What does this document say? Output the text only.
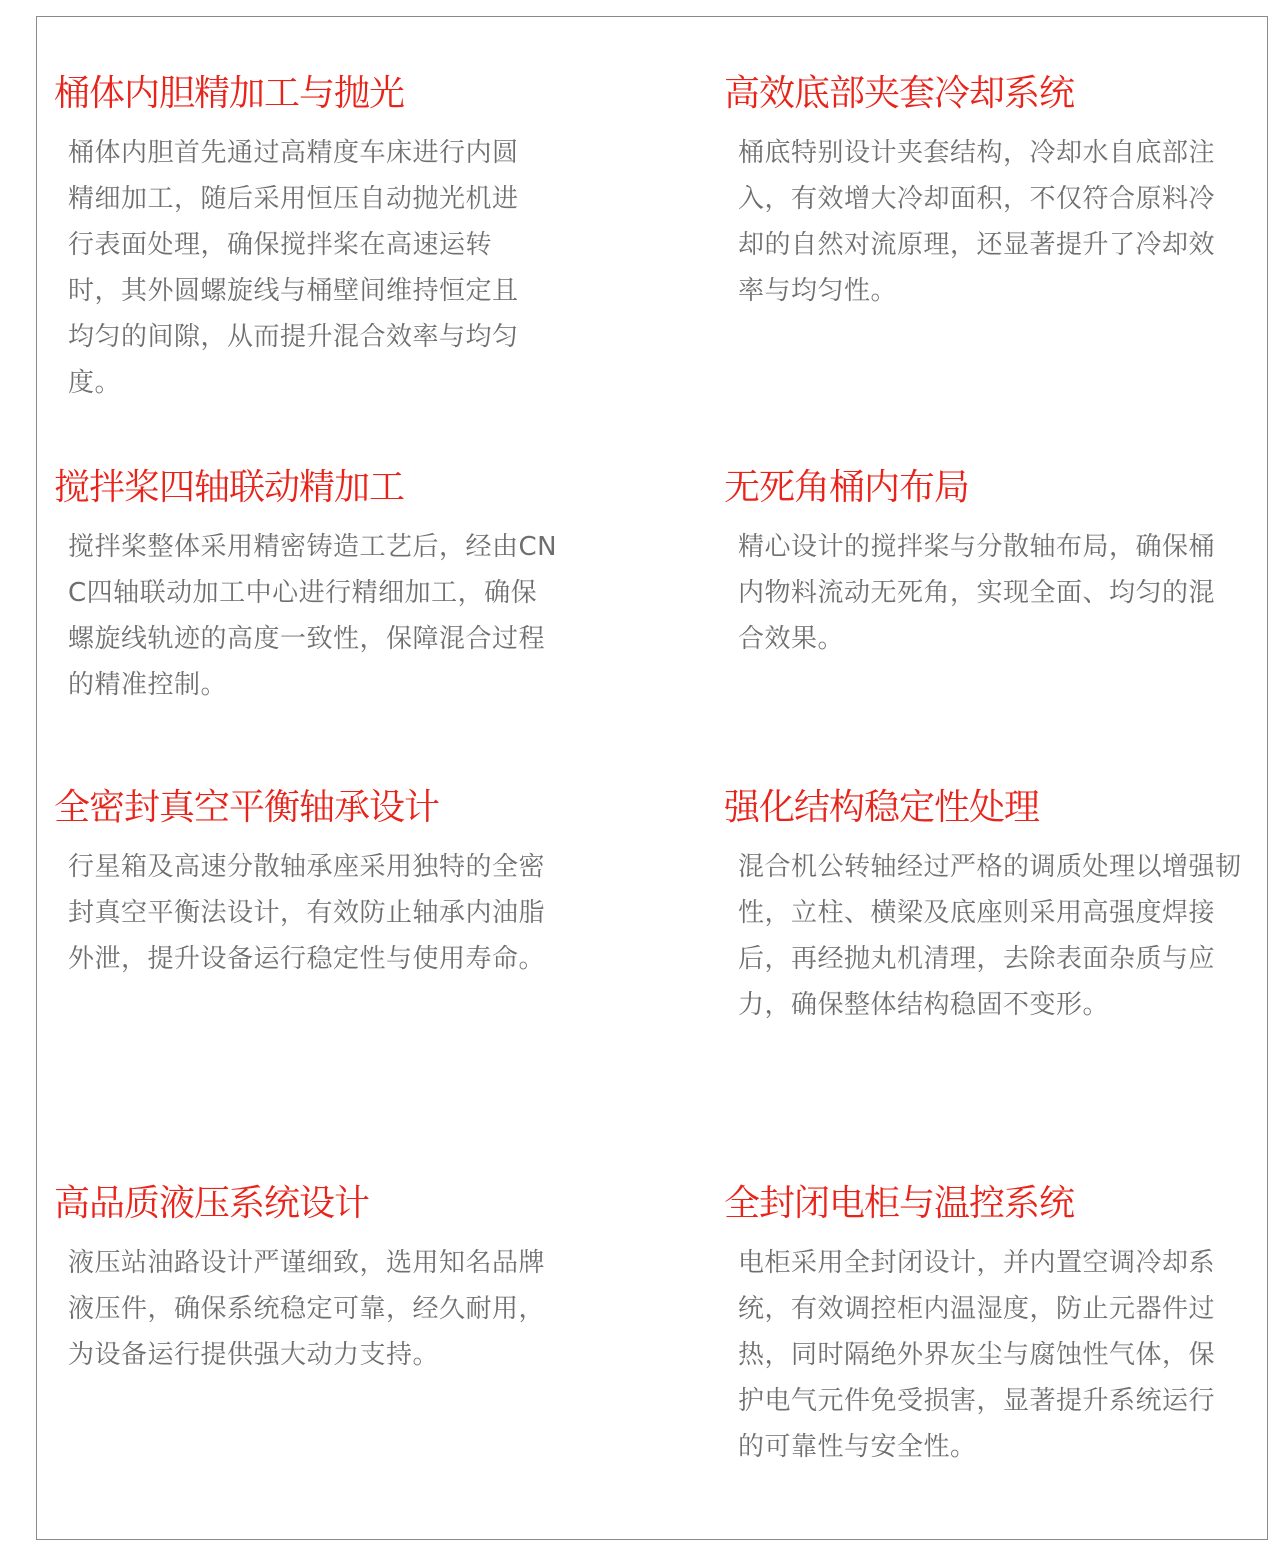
桶体内胆精加工与抛光

桶体内胆首先通过高精度车床进行内圆精细加工，随后采用恒压自动抛光机进行表面处理，确保搅拌桨在高速运转时，其外圆螺旋线与桶壁间维持恒定且均匀的间隙，从而提升混合效率与均匀度。

高效底部夹套冷却系统

桶底特别设计夹套结构，冷却水自底部注入，有效增大冷却面积，不仅符合原料冷却的自然对流原理，还显著提升了冷却效率与均匀性。

搅拌桨四轴联动精加工

搅拌桨整体采用精密铸造工艺后，经由CNC四轴联动加工中心进行精细加工，确保螺旋线轨迹的高度一致性，保障混合过程的精准控制。

无死角桶内布局

精心设计的搅拌桨与分散轴布局，确保桶内物料流动无死角，实现全面、均匀的混合效果。

全密封真空平衡轴承设计

行星箱及高速分散轴承座采用独特的全密封真空平衡法设计，有效防止轴承内油脂外泄，提升设备运行稳定性与使用寿命。

强化结构稳定性处理

混合机公转轴经过严格的调质处理以增强韧性，立柱、横梁及底座则采用高强度焊接后，再经抛丸机清理，去除表面杂质与应力，确保整体结构稳固不变形。

高品质液压系统设计

液压站油路设计严谨细致，选用知名品牌液压件，确保系统稳定可靠，经久耐用，为设备运行提供强大动力支持。

全封闭电柜与温控系统

电柜采用全封闭设计，并内置空调冷却系统，有效调控柜内温湿度，防止元器件过热，同时隔绝外界灰尘与腐蚀性气体，保护电气元件免受损害，显著提升系统运行的可靠性与安全性。
